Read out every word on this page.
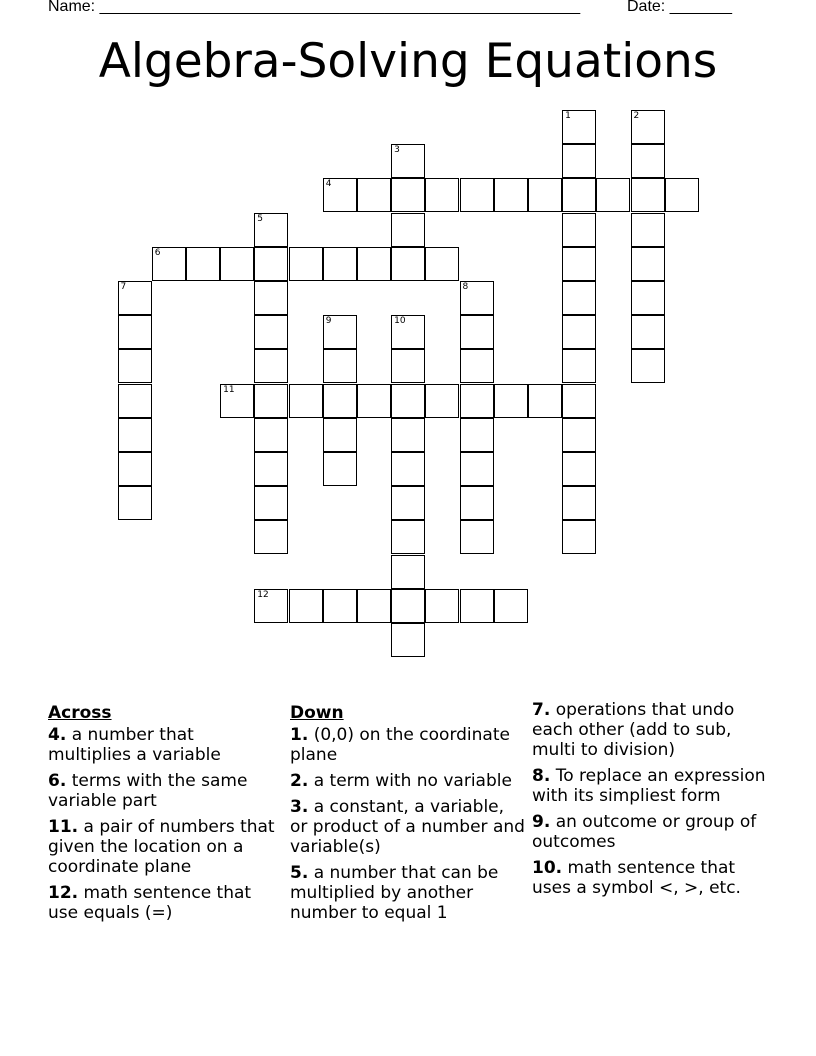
Name: ______________________________________________________	Date: _______
Algebra-Solving Equations
1	2
3
4
5
6
7	8
9	10
11
12
Across
4. a number that multiplies a variable
6. terms with the same variable part
11. a pair of numbers that given the location on a coordinate plane
12. math sentence that use equals (=)
Down
1. (0,0) on the coordinate plane
2. a term with no variable
3. a constant, a variable, or product of a number and variable(s)
5. a number that can be multiplied by another number to equal 1
7. operations that undo each other (add to sub, multi to division)
8. To replace an expression with its simpliest form
9. an outcome or group of outcomes
10. math sentence that uses a symbol <, >, etc.
